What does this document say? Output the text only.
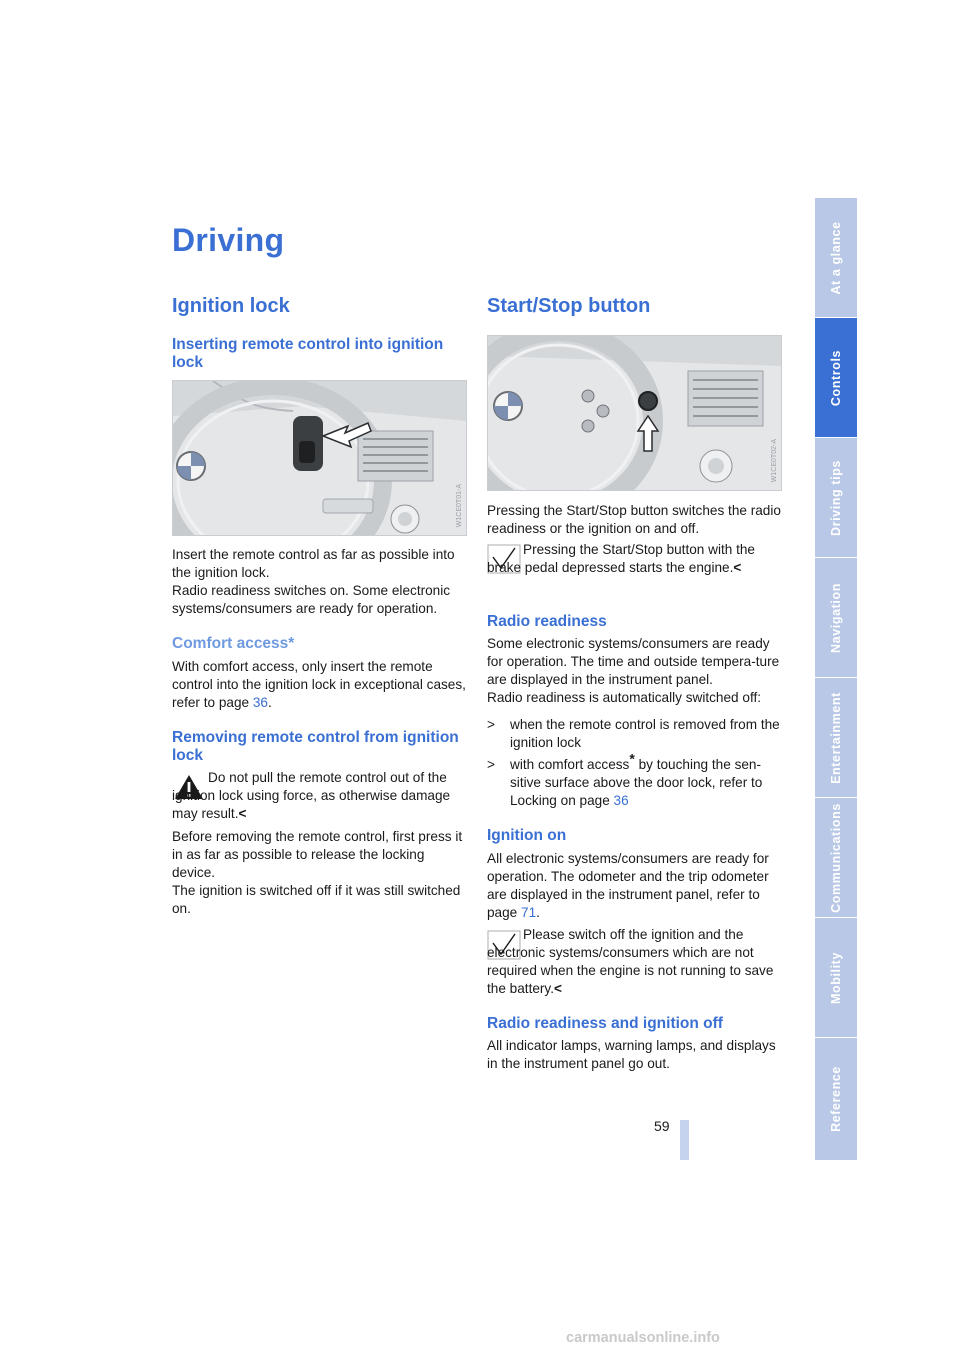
Driving
Ignition lock
Inserting remote control into ignition lock
W1CE0T01-A

Insert the remote control as far as possible into the ignition lock.

Radio readiness switches on. Some electronic systems/consumers are ready for operation.

Comfort access*

With comfort access, only insert the remote control into the ignition lock in exceptional cases, refer to page 36.

Removing remote control from ignition lock

Do not pull the remote control out of the ignition lock using force, as otherwise damage may result.<

Before removing the remote control, first press it in as far as possible to release the locking device.

The ignition is switched off if it was still switched on.

Start/Stop button
W1CE0T02-A

Pressing the Start/Stop button switches the radio readiness or the ignition on and off.

Pressing the Start/Stop button with the brake pedal depressed starts the engine.<

Radio readiness

Some electronic systems/consumers are ready for operation. The time and outside tempera-ture are displayed in the instrument panel.

Radio readiness is automatically switched off:

> when the remote control is removed from the ignition lock

> with comfort access* by touching the sen-sitive surface above the door lock, refer to Locking on page 36

Ignition on

All electronic systems/consumers are ready for operation. The odometer and the trip odometer are displayed in the instrument panel, refer to page 71.

Please switch off the ignition and the electronic systems/consumers which are not required when the engine is not running to save the battery.<

Radio readiness and ignition off

All indicator lamps, warning lamps, and displays in the instrument panel go out.

59
At a glance
Controls
Driving tips
Navigation
Entertainment
Communications
Mobility
Reference
carmanualsonline.info
